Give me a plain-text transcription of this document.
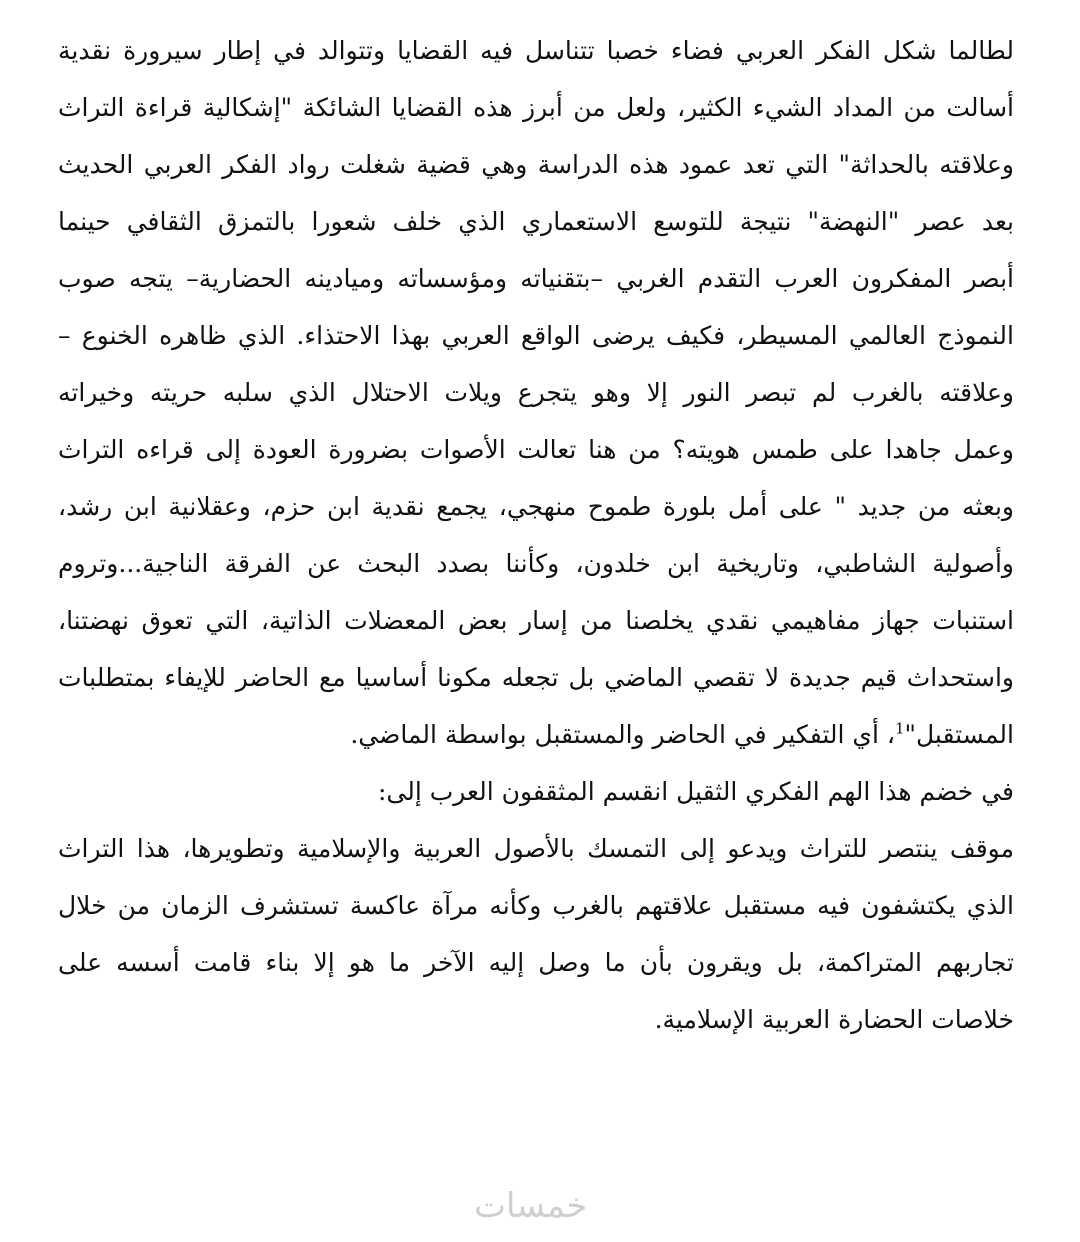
لطالما شكل الفكر العربي فضاء خصبا تتناسل فيه القضايا وتتوالد في إطار سيرورة نقدية
أسالت من المداد الشيء الكثير، ولعل من أبرز هذه القضايا الشائكة "إشكالية قراءة التراث
وعلاقته بالحداثة" التي تعد عمود هذه الدراسة وهي قضية شغلت رواد الفكر العربي الحديث
بعد عصر "النهضة" نتيجة للتوسع الاستعماري الذي خلف شعورا بالتمزق الثقافي حينما
أبصر المفكرون العرب التقدم الغربي –بتقنياته ومؤسساته وميادينه الحضارية– يتجه صوب
النموذج العالمي المسيطر، فكيف يرضى الواقع العربي بهذا الاحتذاء. الذي ظاهره الخنوع –
وعلاقته بالغرب لم تبصر النور إلا وهو يتجرع ويلات الاحتلال الذي سلبه حريته وخيراته
وعمل جاهدا على طمس هويته؟ من هنا تعالت الأصوات بضرورة العودة إلى قراءه التراث
وبعثه من جديد " على أمل بلورة طموح منهجي، يجمع نقدية ابن حزم، وعقلانية ابن رشد،
وأصولية الشاطبي، وتاريخية ابن خلدون، وكأننا بصدد البحث عن الفرقة الناجية...وتروم
استنبات جهاز مفاهيمي نقدي يخلصنا من إسار بعض المعضلات الذاتية، التي تعوق نهضتنا،
واستحداث قيم جديدة لا تقصي الماضي بل تجعله مكونا أساسيا مع الحاضر للإيفاء بمتطلبات
المستقبل"$^1$، أي التفكير في الحاضر والمستقبل بواسطة الماضي.
في خضم هذا الهم الفكري الثقيل انقسم المثقفون العرب إلى:
موقف ينتصر للتراث ويدعو إلى التمسك بالأصول العربية والإسلامية وتطويرها، هذا التراث
الذي يكتشفون فيه مستقبل علاقتهم بالغرب وكأنه مرآة عاكسة تستشرف الزمان من خلال
تجاربهم المتراكمة، بل ويقرون بأن ما وصل إليه الآخر ما هو إلا بناء قامت أسسه على
خلاصات الحضارة العربية الإسلامية.
خمسات
